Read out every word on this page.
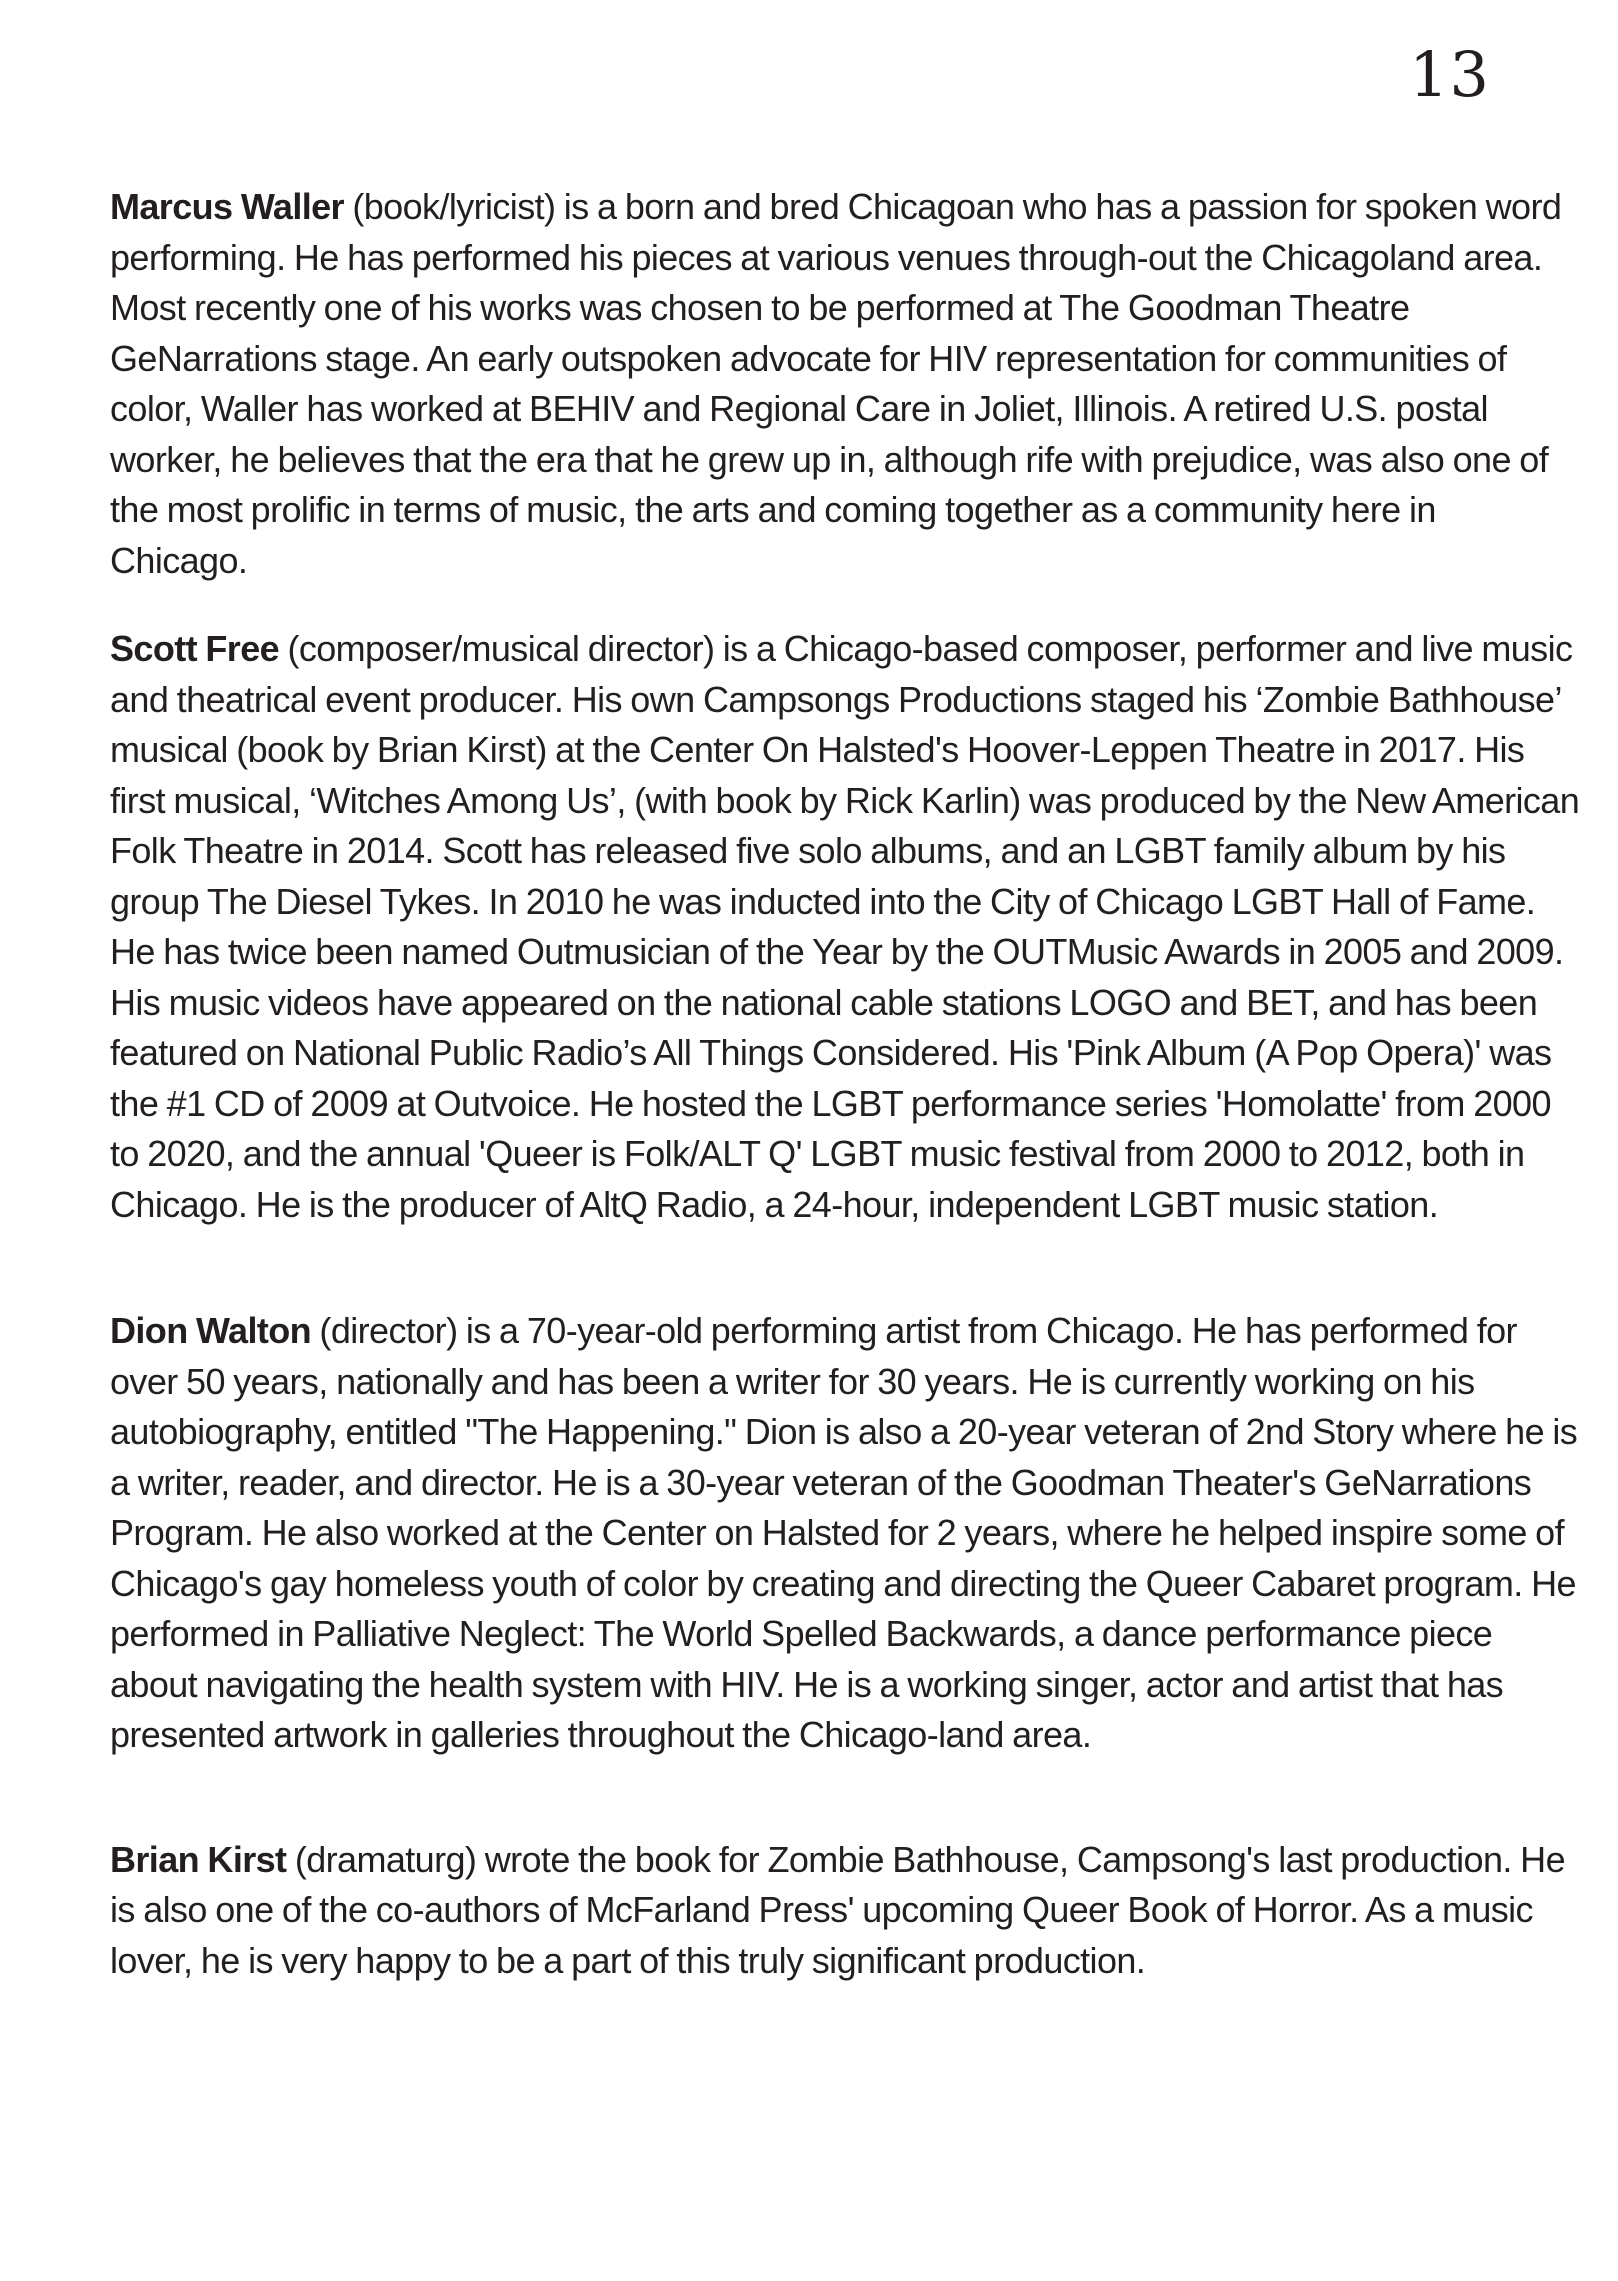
13

Marcus Waller (book/lyricist) is a born and bred Chicagoan who has a passion for spoken word performing. He has performed his pieces at various venues through-out the Chicagoland area. Most recently one of his works was chosen to be performed at The Goodman Theatre GeNarrations stage. An early outspoken advocate for HIV representation for communities of color, Waller has worked at BEHIV and Regional Care in Joliet, Illinois. A retired U.S. postal worker, he believes that the era that he grew up in, although rife with prejudice, was also one of the most prolific in terms of music, the arts and coming together as a community here in Chicago.

Scott Free (composer/musical director) is a Chicago-based composer, performer and live music and theatrical event producer. His own Campsongs Productions staged his ‘Zombie Bathhouse’ musical (book by Brian Kirst) at the Center On Halsted's Hoover-Leppen Theatre in 2017. His first musical, ‘Witches Among Us’, (with book by Rick Karlin) was produced by the New American Folk Theatre in 2014. Scott has released five solo albums, and an LGBT family album by his group The Diesel Tykes. In 2010 he was inducted into the City of Chicago LGBT Hall of Fame. He has twice been named Outmusician of the Year by the OUTMusic Awards in 2005 and 2009. His music videos have appeared on the national cable stations LOGO and BET, and has been featured on National Public Radio’s All Things Considered. His 'Pink Album (A Pop Opera)' was the #1 CD of 2009 at Outvoice. He hosted the LGBT performance series 'Homolatte' from 2000 to 2020, and the annual 'Queer is Folk/ALT Q' LGBT music festival from 2000 to 2012, both in Chicago. He is the producer of AltQ Radio, a 24-hour, independent LGBT music station.

Dion Walton (director) is a 70-year-old performing artist from Chicago. He has performed for over 50 years, nationally and has been a writer for 30 years. He is currently working on his autobiography, entitled "The Happening." Dion is also a 20-year veteran of 2nd Story where he is a writer, reader, and director. He is a 30-year veteran of the Goodman Theater's GeNarrations Program. He also worked at the Center on Halsted for 2 years, where he helped inspire some of Chicago's gay homeless youth of color by creating and directing the Queer Cabaret program. He performed in Palliative Neglect: The World Spelled Backwards, a dance performance piece about navigating the health system with HIV. He is a working singer, actor and artist that has presented artwork in galleries throughout the Chicago-land area.

Brian Kirst (dramaturg) wrote the book for Zombie Bathhouse, Campsong's last production. He is also one of the co-authors of McFarland Press' upcoming Queer Book of Horror. As a music lover, he is very happy to be a part of this truly significant production.
